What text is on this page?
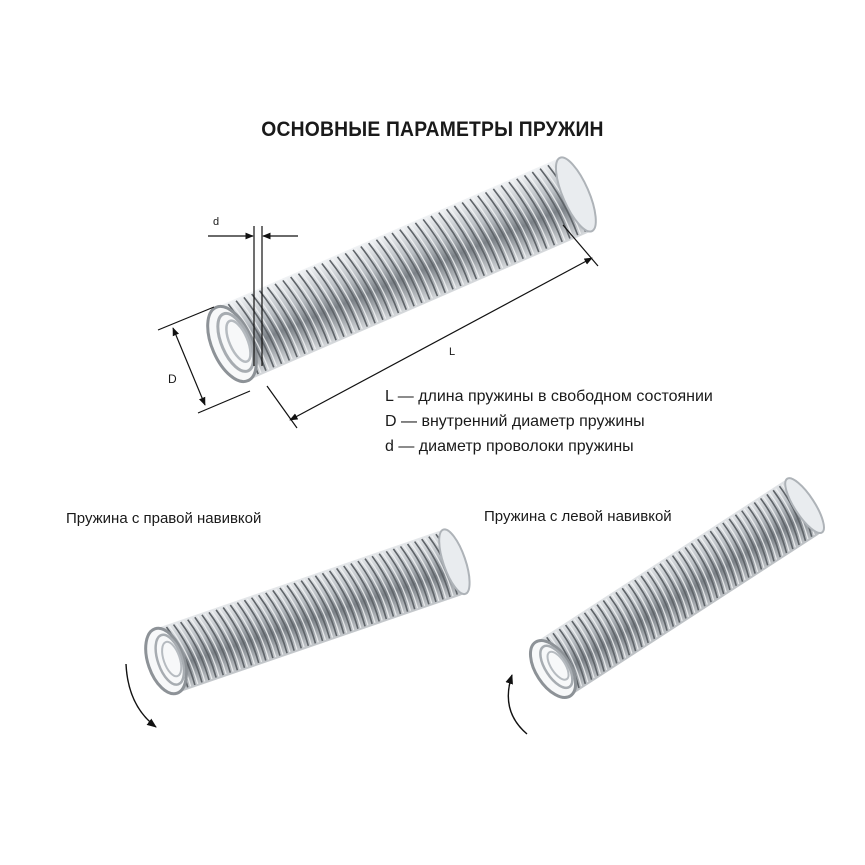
ОСНОВНЫЕ ПАРАМЕТРЫ ПРУЖИН
d
D
L
L — длина пружины в свободном состоянии
D — внутренний диаметр пружины
d — диаметр проволоки пружины
Пружина с правой навивкой	Пружина с левой навивкой
